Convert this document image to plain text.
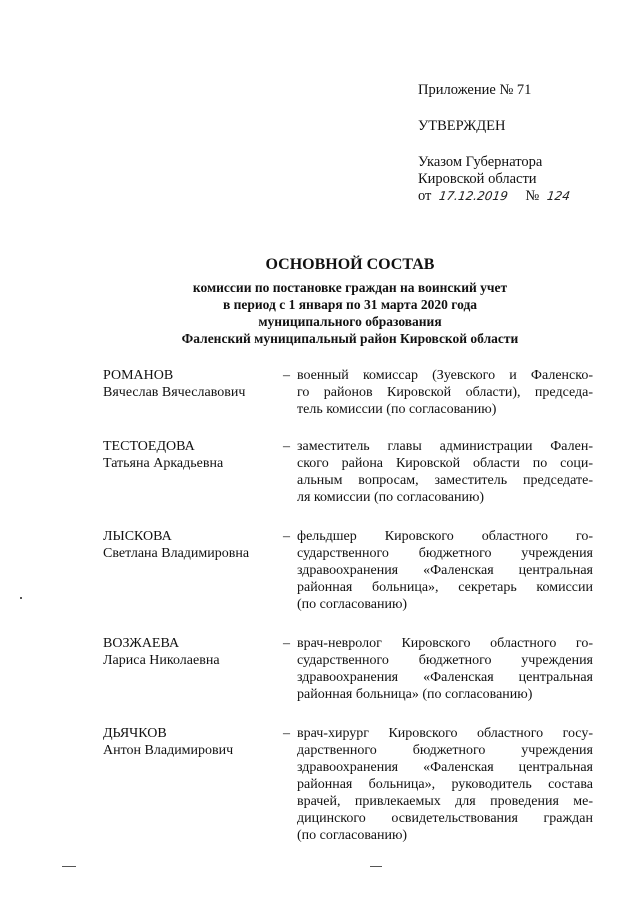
Приложение № 71
УТВЕРЖДЕН
Указом Губернатора
Кировской области
от 17.12.2019 № 124
ОСНОВНОЙ СОСТАВ
комиссии по постановке граждан на воинский учет
в период с 1 января по 31 марта 2020 года
муниципального образования
Фаленский муниципальный район Кировской области
РОМАНОВ
Вячеслав Вячеславович
– военный комиссар (Зуевского и Фаленско-
го районов Кировской области), председа-
тель комиссии (по согласованию)
ТЕСТОЕДОВА
Татьяна Аркадьевна
– заместитель главы администрации Фален-
ского района Кировской области по соци-
альным вопросам, заместитель председате-
ля комиссии (по согласованию)
ЛЫСКОВА
Светлана Владимировна
– фельдшер Кировского областного го-
сударственного бюджетного учреждения
здравоохранения «Фаленская центральная
районная больница», секретарь комиссии
(по согласованию)
ВОЗЖАЕВА
Лариса Николаевна
– врач-невролог Кировского областного го-
сударственного бюджетного учреждения
здравоохранения «Фаленская центральная
районная больница» (по согласованию)
ДЬЯЧКОВ
Антон Владимирович
– врач-хирург Кировского областного госу-
дарственного бюджетного учреждения
здравоохранения «Фаленская центральная
районная больница», руководитель состава
врачей, привлекаемых для проведения ме-
дицинского освидетельствования граждан
(по согласованию)
